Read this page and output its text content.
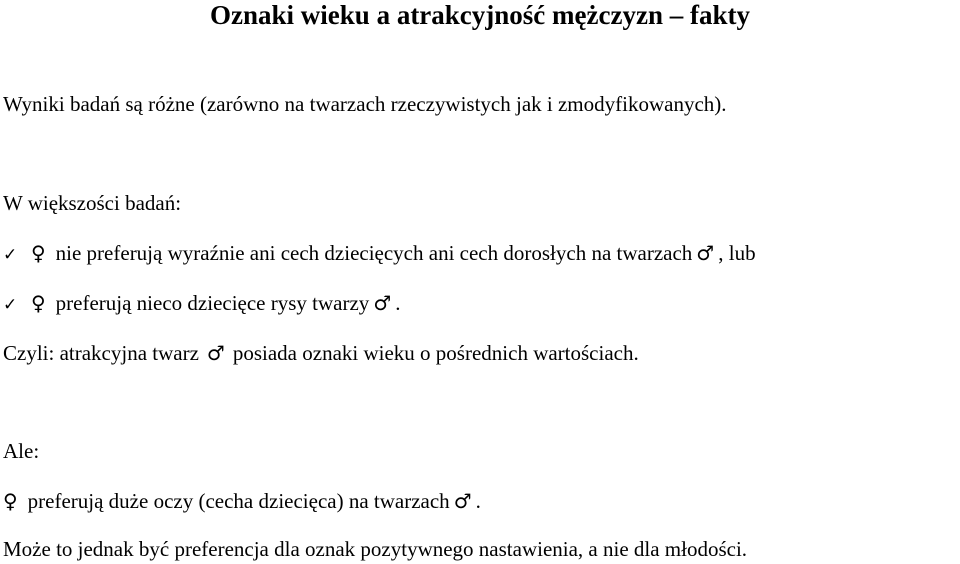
Oznaki wieku a atrakcyjność mężczyzn – fakty
Wyniki badań są różne (zarówno na twarzach rzeczywistych jak i zmodyfikowanych).
W większości badań:
✓ ♀ nie preferują wyraźnie ani cech dziecięcych ani cech dorosłych na twarzach ♂ , lub
✓ ♀ preferują nieco dziecięce rysy twarzy ♂ .
Czyli: atrakcyjna twarz ♂ posiada oznaki wieku o pośrednich wartościach.
Ale:
♀ preferują duże oczy (cecha dziecięca) na twarzach ♂ .
Może to jednak być preferencja dla oznak pozytywnego nastawienia, a nie dla młodości.
